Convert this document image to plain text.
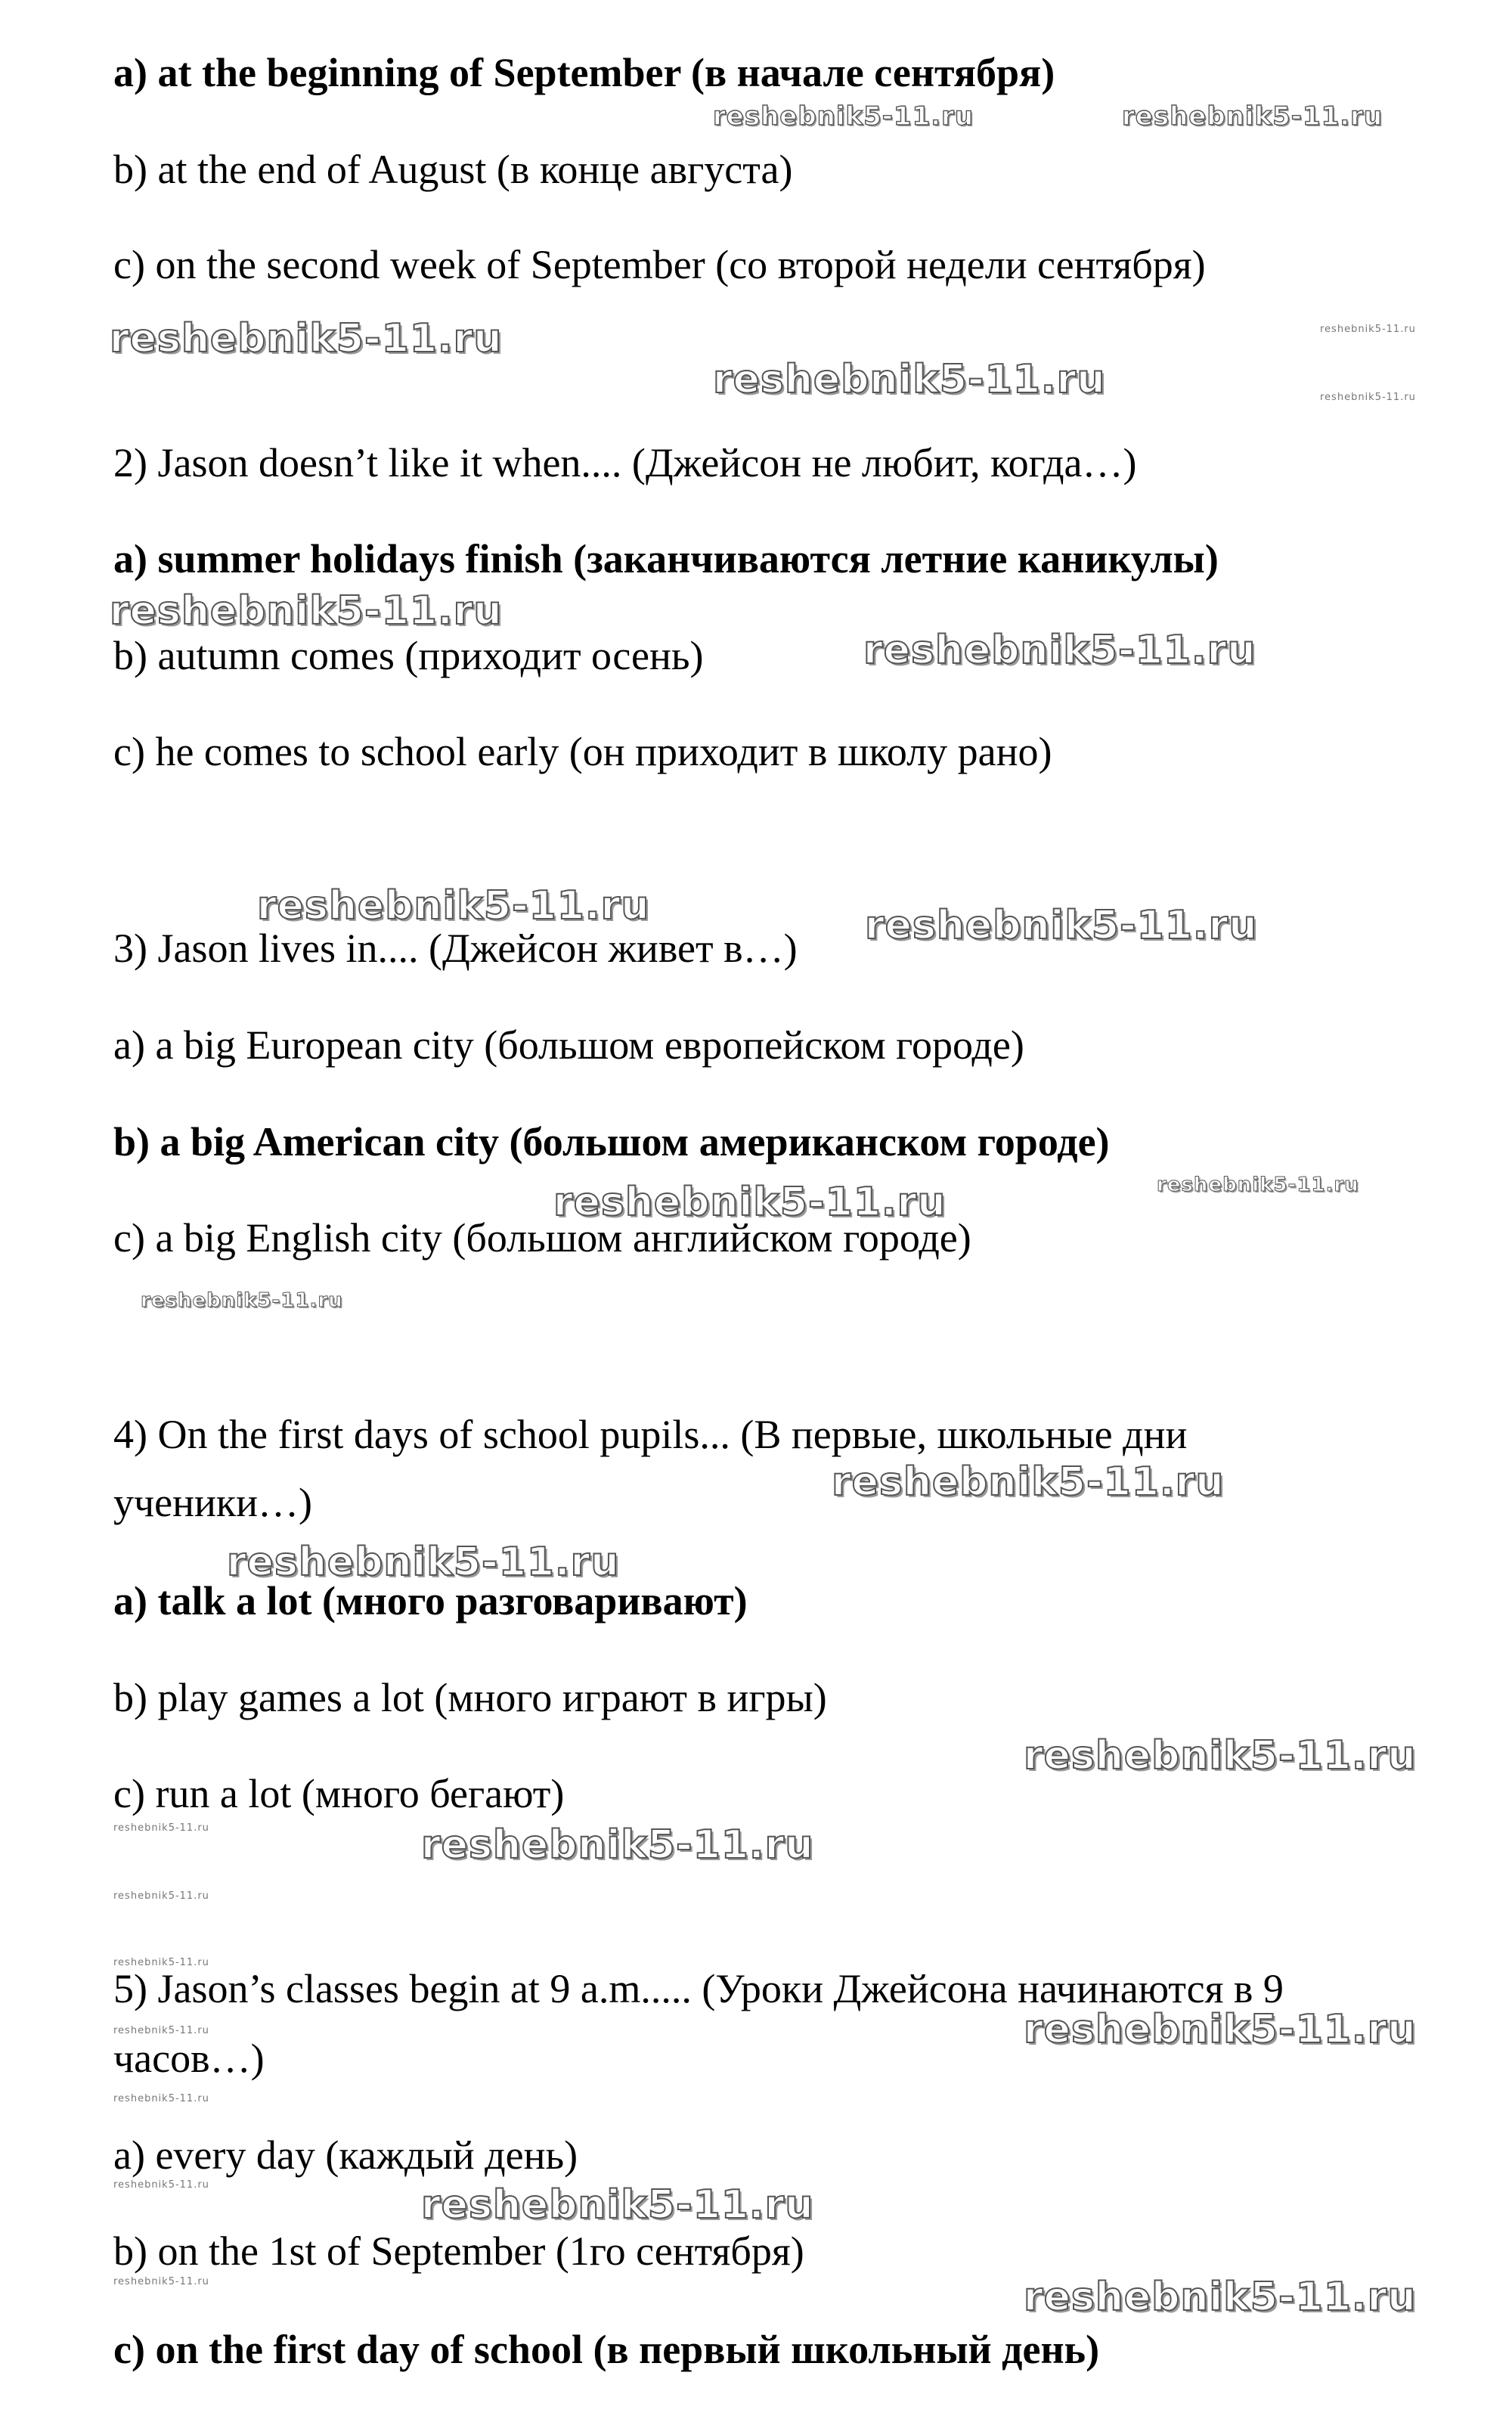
a) at the beginning of September (в начале сентября)
b) at the end of August (в конце августа)
c) on the second week of September (со второй недели сентября)
2) Jason doesn’t like it when.... (Джейсон не любит, когда…)
a) summer holidays finish (заканчиваются летние каникулы)
b) autumn comes (приходит осень)
c) he comes to school early (он приходит в школу рано)
3) Jason lives in.... (Джейсон живет в…)
a) a big European city (большом европейском городе)
b) a big American city (большом американском городе)
c) a big English city (большом английском городе)
4) On the first days of school pupils... (В первые, школьные дни
ученики…)
a) talk a lot (много разговаривают)
b) play games a lot (много играют в игры)
c) run a lot (много бегают)
5) Jason’s classes begin at 9 a.m..... (Уроки Джейсона начинаются в 9
часов…)
a) every day (каждый день)
b) on the 1st of September (1го сентября)
c) on the first day of school (в первый школьный день)
reshebnik5-11.ru	reshebnik5-11.ru
reshebnik5-11.ru
reshebnik5-11.ru
reshebnik5-11.ru
reshebnik5-11.ru
reshebnik5-11.ru
reshebnik5-11.ru
reshebnik5-11.ru	reshebnik5-11.ru
reshebnik5-11.ru
reshebnik5-11.ru
reshebnik5-11.ru
reshebnik5-11.ru
reshebnik5-11.ru
reshebnik5-11.ru
reshebnik5-11.ru	reshebnik5-11.ru
reshebnik5-11.ru
reshebnik5-11.ru
reshebnik5-11.ru	reshebnik5-11.ru
reshebnik5-11.ru
reshebnik5-11.ru	reshebnik5-11.ru
reshebnik5-11.ru	reshebnik5-11.ru
